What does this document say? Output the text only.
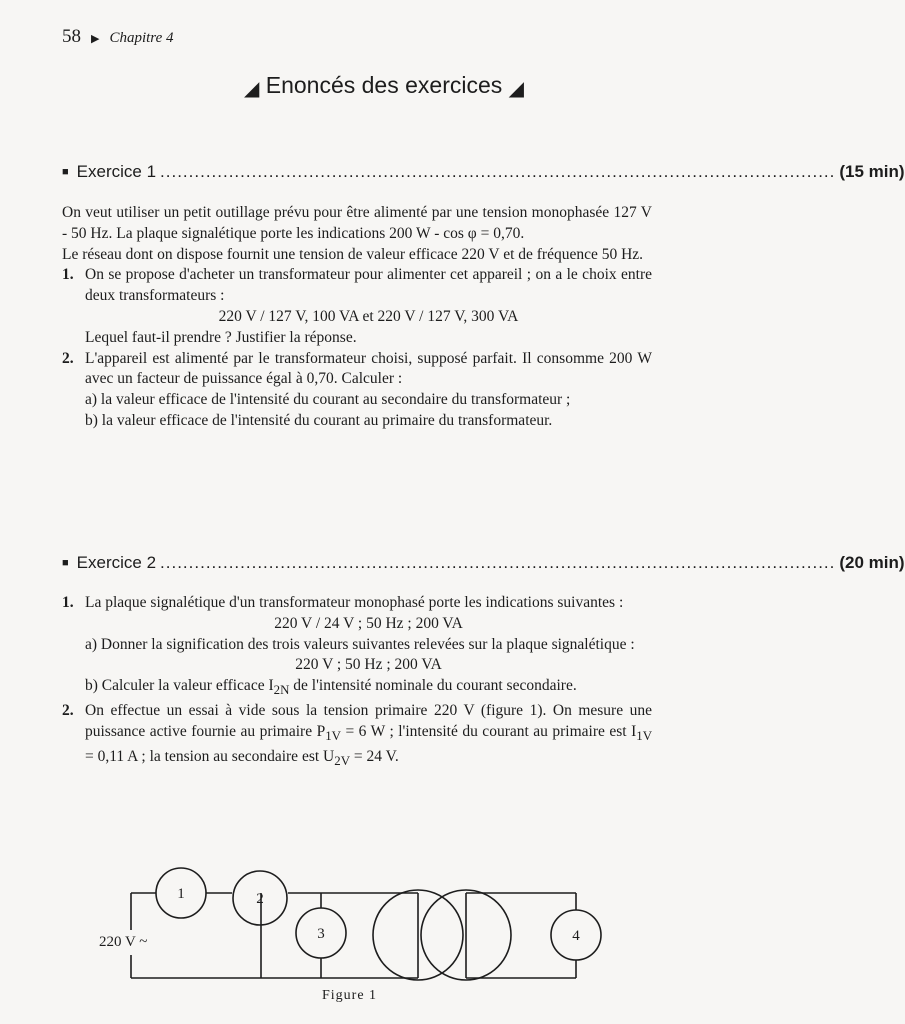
58 ▶ Chapitre 4
◢ Enoncés des exercices ◢
■ Exercice 1 ...................................................................................................................... (15 min)
On veut utiliser un petit outillage prévu pour être alimenté par une tension monophasée 127 V - 50 Hz. La plaque signalétique porte les indications 200 W - cos φ = 0,70.
Le réseau dont on dispose fournit une tension de valeur efficace 220 V et de fréquence 50 Hz.
1. On se propose d'acheter un transformateur pour alimenter cet appareil ; on a le choix entre deux transformateurs :
220 V / 127 V, 100 VA et 220 V / 127 V, 300 VA
Lequel faut-il prendre ? Justifier la réponse.
2. L'appareil est alimenté par le transformateur choisi, supposé parfait. Il consomme 200 W avec un facteur de puissance égal à 0,70. Calculer :
a) la valeur efficace de l'intensité du courant au secondaire du transformateur ;
b) la valeur efficace de l'intensité du courant au primaire du transformateur.
■ Exercice 2 ...................................................................................................................... (20 min)
1. La plaque signalétique d'un transformateur monophasé porte les indications suivantes :
220 V / 24 V ; 50 Hz ; 200 VA
a) Donner la signification des trois valeurs suivantes relevées sur la plaque signalétique :
220 V ; 50 Hz ; 200 VA
b) Calculer la valeur efficace $I_{2N}$ de l'intensité nominale du courant secondaire.
2. On effectue un essai à vide sous la tension primaire 220 V (figure 1). On mesure une puissance active fournie au primaire $P_{1V} = 6$ W ; l'intensité du courant au primaire est $I_{1V} = 0,11$ A ; la tension au secondaire est $U_{2V} = 24$ V.
220 V ~
1	2
3	4
Figure 1
